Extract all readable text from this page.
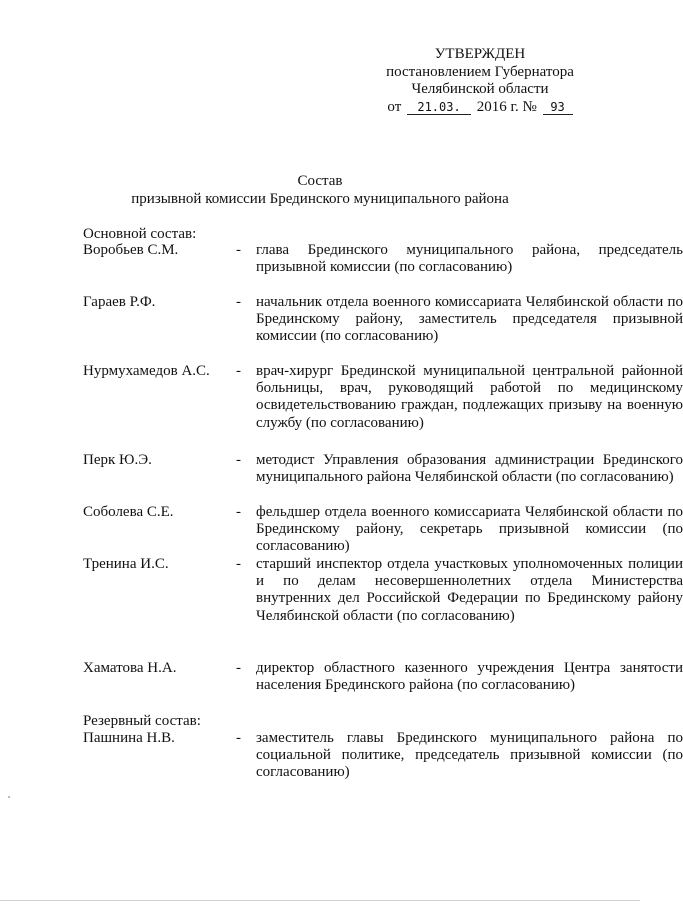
УТВЕРЖДЕН
постановлением Губернатора
Челябинской области
от 21.03. 2016 г. № 93
Состав
призывной комиссии Брединского муниципального района
Основной состав:
Воробьев С.М.	- глава Брединского муниципального района, председатель призывной комиссии (по согласованию)
Гараев Р.Ф.	- начальник отдела военного комиссариата Челябинской области по Брединскому району, заместитель председателя призывной комиссии (по согласованию)
Нурмухамедов А.С. - врач-хирург Брединской муниципальной центральной районной больницы, врач, руководящий работой по медицинскому освидетельствованию граждан, подлежащих призыву на военную службу (по согласованию)
Перк Ю.Э.	- методист Управления образования администрации Брединского муниципального района Челябинской области (по согласованию)
Соболева С.Е.	- фельдшер отдела военного комиссариата Челябинской области по Брединскому району, секретарь призывной комиссии (по согласованию)
Тренина И.С.	- старший инспектор отдела участковых уполномоченных полиции и по делам несовершеннолетних отдела Министерства внутренних дел Российской Федерации по Брединскому району Челябинской области (по согласованию)
Хаматова Н.А.	- директор областного казенного учреждения Центра занятости населения Брединского района (по согласованию)
Резервный состав:
Пашнина Н.В.	- заместитель главы Брединского муниципального района по социальной политике, председатель призывной комиссии (по согласованию)
